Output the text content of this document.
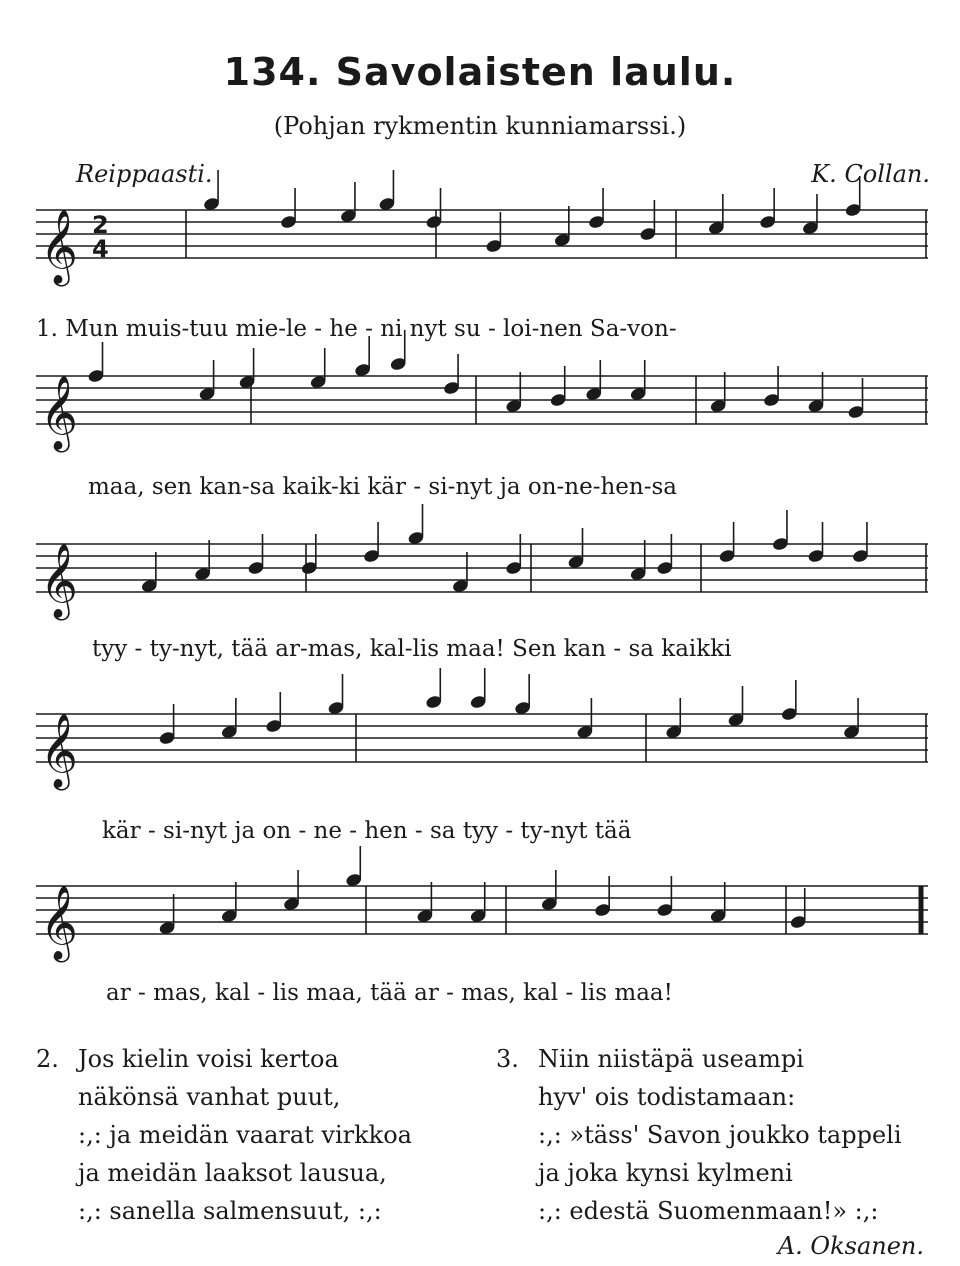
134. Savolaisten laulu.
(Pohjan rykmentin kunniamarssi.)
Reippaasti.	K. Collan.
𝄞 2
4
1. Mun muis-tuu mie-le - he - ni nyt su - loi-nen Sa-von-
𝄞
maa, sen kan-sa kaik-ki kär - si-nyt ja on-ne-hen-sa
𝄞
tyy - ty-nyt, tää ar-mas, kal-lis maa! Sen kan - sa kaikki
𝄞
kär - si-nyt ja on - ne - hen - sa tyy - ty-nyt tää
𝄞
ar - mas, kal - lis maa, tää ar - mas, kal - lis maa!
2. Jos kielin voisi kertoa
näkönsä vanhat puut,
:,: ja meidän vaarat virkkoa
ja meidän laaksot lausua,
:,: sanella salmensuut, :,:
3. Niin niistäpä useampi
hyv' ois todistamaan:
:,: »täss' Savon joukko tappeli
ja joka kynsi kylmeni
:,: edestä Suomenmaan!» :,:
A. Oksanen.
